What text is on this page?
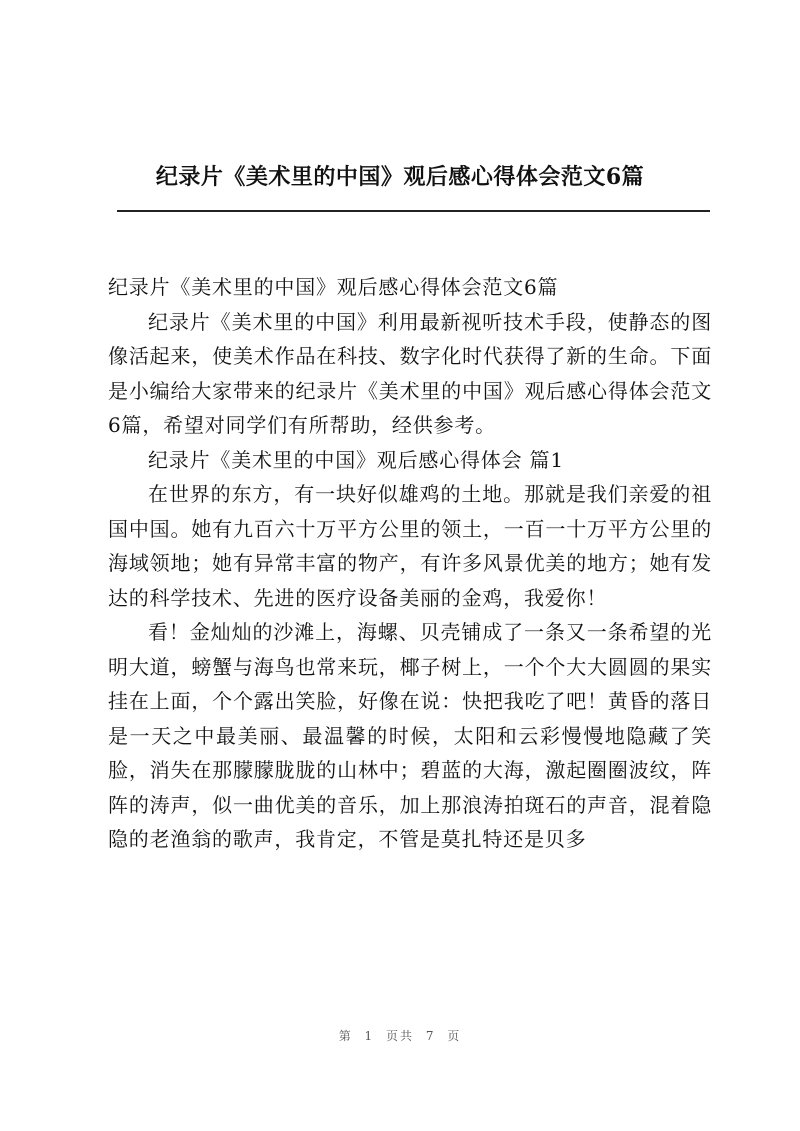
纪录片《美术里的中国》观后感心得体会范文6篇

纪录片《美术里的中国》观后感心得体会范文6篇

纪录片《美术里的中国》利用最新视听技术手段，使静态的图像活起来，使美术作品在科技、数字化时代获得了新的生命。下面是小编给大家带来的纪录片《美术里的中国》观后感心得体会范文6篇，希望对同学们有所帮助，经供参考。

纪录片《美术里的中国》观后感心得体会 篇1

在世界的东方，有一块好似雄鸡的土地。那就是我们亲爱的祖国中国。她有九百六十万平方公里的领土，一百一十万平方公里的海域领地；她有异常丰富的物产，有许多风景优美的地方；她有发达的科学技术、先进的医疗设备美丽的金鸡，我爱你！

看！金灿灿的沙滩上，海螺、贝壳铺成了一条又一条希望的光明大道，螃蟹与海鸟也常来玩，椰子树上，一个个大大圆圆的果实挂在上面，个个露出笑脸，好像在说：快把我吃了吧！黄昏的落日是一天之中最美丽、最温馨的时候，太阳和云彩慢慢地隐藏了笑脸，消失在那朦朦胧胧的山林中；碧蓝的大海，激起圈圈波纹，阵阵的涛声，似一曲优美的音乐，加上那浪涛拍斑石的声音，混着隐隐的老渔翁的歌声，我肯定，不管是莫扎特还是贝多

第 1 页共 7 页
